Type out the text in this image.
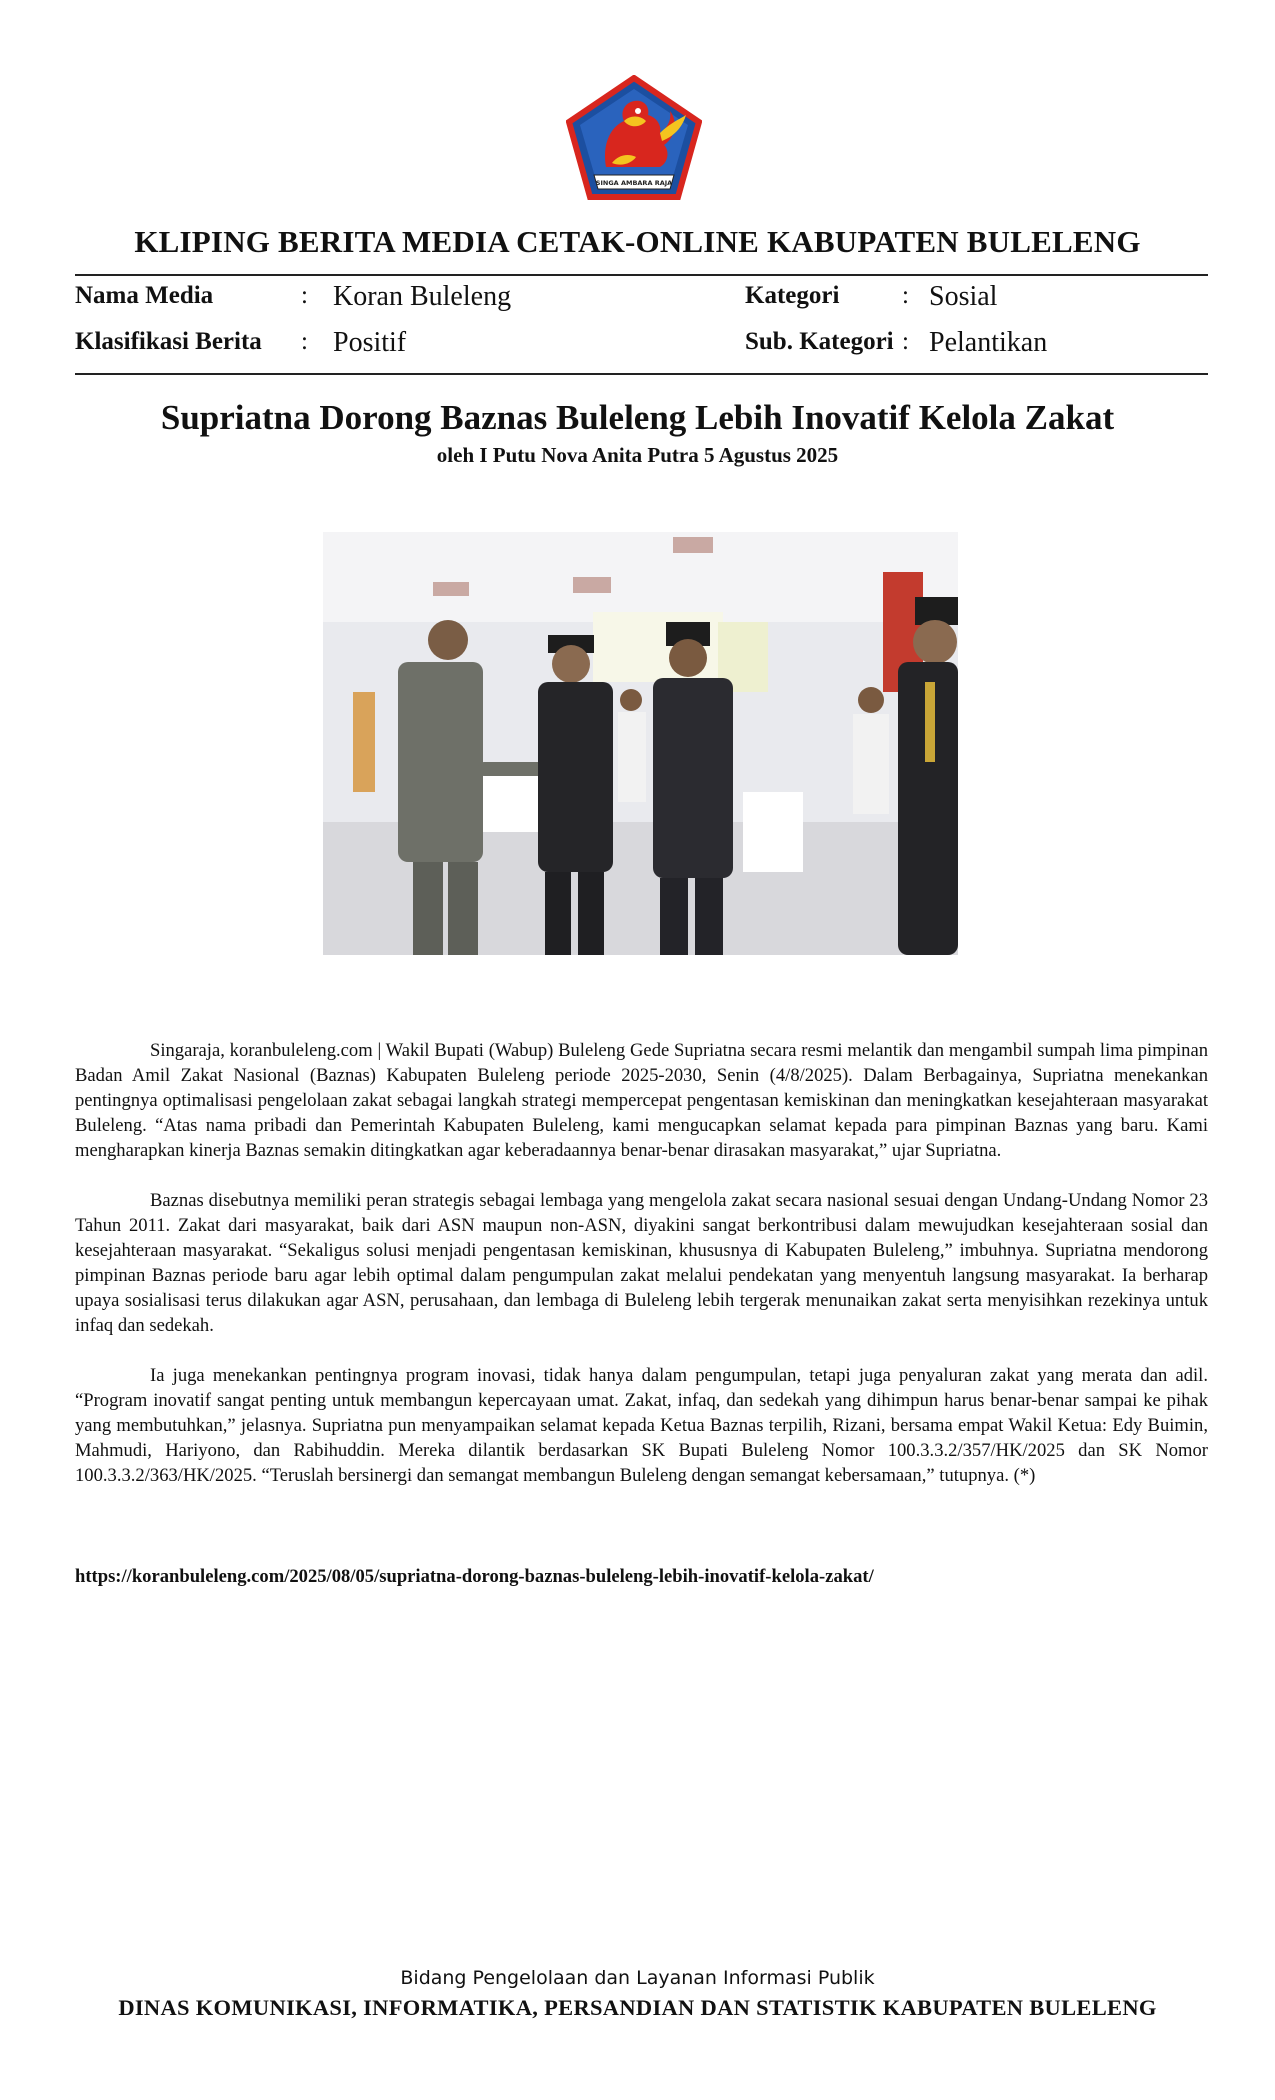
SINGA AMBARA RAJA
KLIPING BERITA MEDIA CETAK-ONLINE KABUPATEN BULELENG
Nama Media	: Koran Buleleng	Kategori	: Sosial
Klasifikasi Berita : Positif	Sub. Kategori : Pelantikan
Supriatna Dorong Baznas Buleleng Lebih Inovatif Kelola Zakat
oleh I Putu Nova Anita Putra 5 Agustus 2025

Singaraja, koranbuleleng.com | Wakil Bupati (Wabup) Buleleng Gede Supriatna secara resmi melantik dan mengambil sumpah lima pimpinan Badan Amil Zakat Nasional (Baznas) Kabupaten Buleleng periode 2025-2030, Senin (4/8/2025). Dalam Berbagainya, Supriatna menekankan pentingnya optimalisasi pengelolaan zakat sebagai langkah strategi mempercepat pengentasan kemiskinan dan meningkatkan kesejahteraan masyarakat Buleleng. “Atas nama pribadi dan Pemerintah Kabupaten Buleleng, kami mengucapkan selamat kepada para pimpinan Baznas yang baru. Kami mengharapkan kinerja Baznas semakin ditingkatkan agar keberadaannya benar-benar dirasakan masyarakat,” ujar Supriatna.

Baznas disebutnya memiliki peran strategis sebagai lembaga yang mengelola zakat secara nasional sesuai dengan Undang-Undang Nomor 23 Tahun 2011. Zakat dari masyarakat, baik dari ASN maupun non-ASN, diyakini sangat berkontribusi dalam mewujudkan kesejahteraan sosial dan kesejahteraan masyarakat. “Sekaligus solusi menjadi pengentasan kemiskinan, khususnya di Kabupaten Buleleng,” imbuhnya. Supriatna mendorong pimpinan Baznas periode baru agar lebih optimal dalam pengumpulan zakat melalui pendekatan yang menyentuh langsung masyarakat. Ia berharap upaya sosialisasi terus dilakukan agar ASN, perusahaan, dan lembaga di Buleleng lebih tergerak menunaikan zakat serta menyisihkan rezekinya untuk infaq dan sedekah.

Ia juga menekankan pentingnya program inovasi, tidak hanya dalam pengumpulan, tetapi juga penyaluran zakat yang merata dan adil. “Program inovatif sangat penting untuk membangun kepercayaan umat. Zakat, infaq, dan sedekah yang dihimpun harus benar-benar sampai ke pihak yang membutuhkan,” jelasnya. Supriatna pun menyampaikan selamat kepada Ketua Baznas terpilih, Rizani, bersama empat Wakil Ketua: Edy Buimin, Mahmudi, Hariyono, dan Rabihuddin. Mereka dilantik berdasarkan SK Bupati Buleleng Nomor 100.3.3.2/357/HK/2025 dan SK Nomor 100.3.3.2/363/HK/2025. “Teruslah bersinergi dan semangat membangun Buleleng dengan semangat kebersamaan,” tutupnya. (*)

https://koranbuleleng.com/2025/08/05/supriatna-dorong-baznas-buleleng-lebih-inovatif-kelola-zakat/
Bidang Pengelolaan dan Layanan Informasi Publik
DINAS KOMUNIKASI, INFORMATIKA, PERSANDIAN DAN STATISTIK KABUPATEN BULELENG
